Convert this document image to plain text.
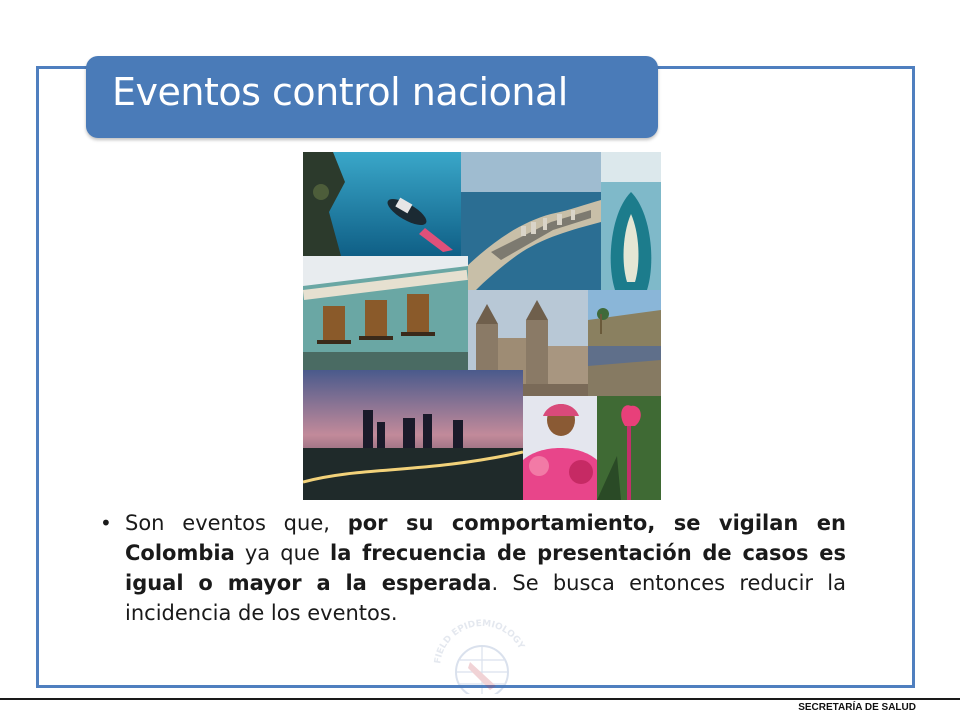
Eventos control nacional
• Son eventos que, por su comportamiento, se vigilan en Colombia ya que la frecuencia de presentación de casos es igual o mayor a la esperada. Se busca entonces reducir la incidencia de los eventos.
FIELD EPIDEMIOLOGY
SECRETARÍA DE SALUD
